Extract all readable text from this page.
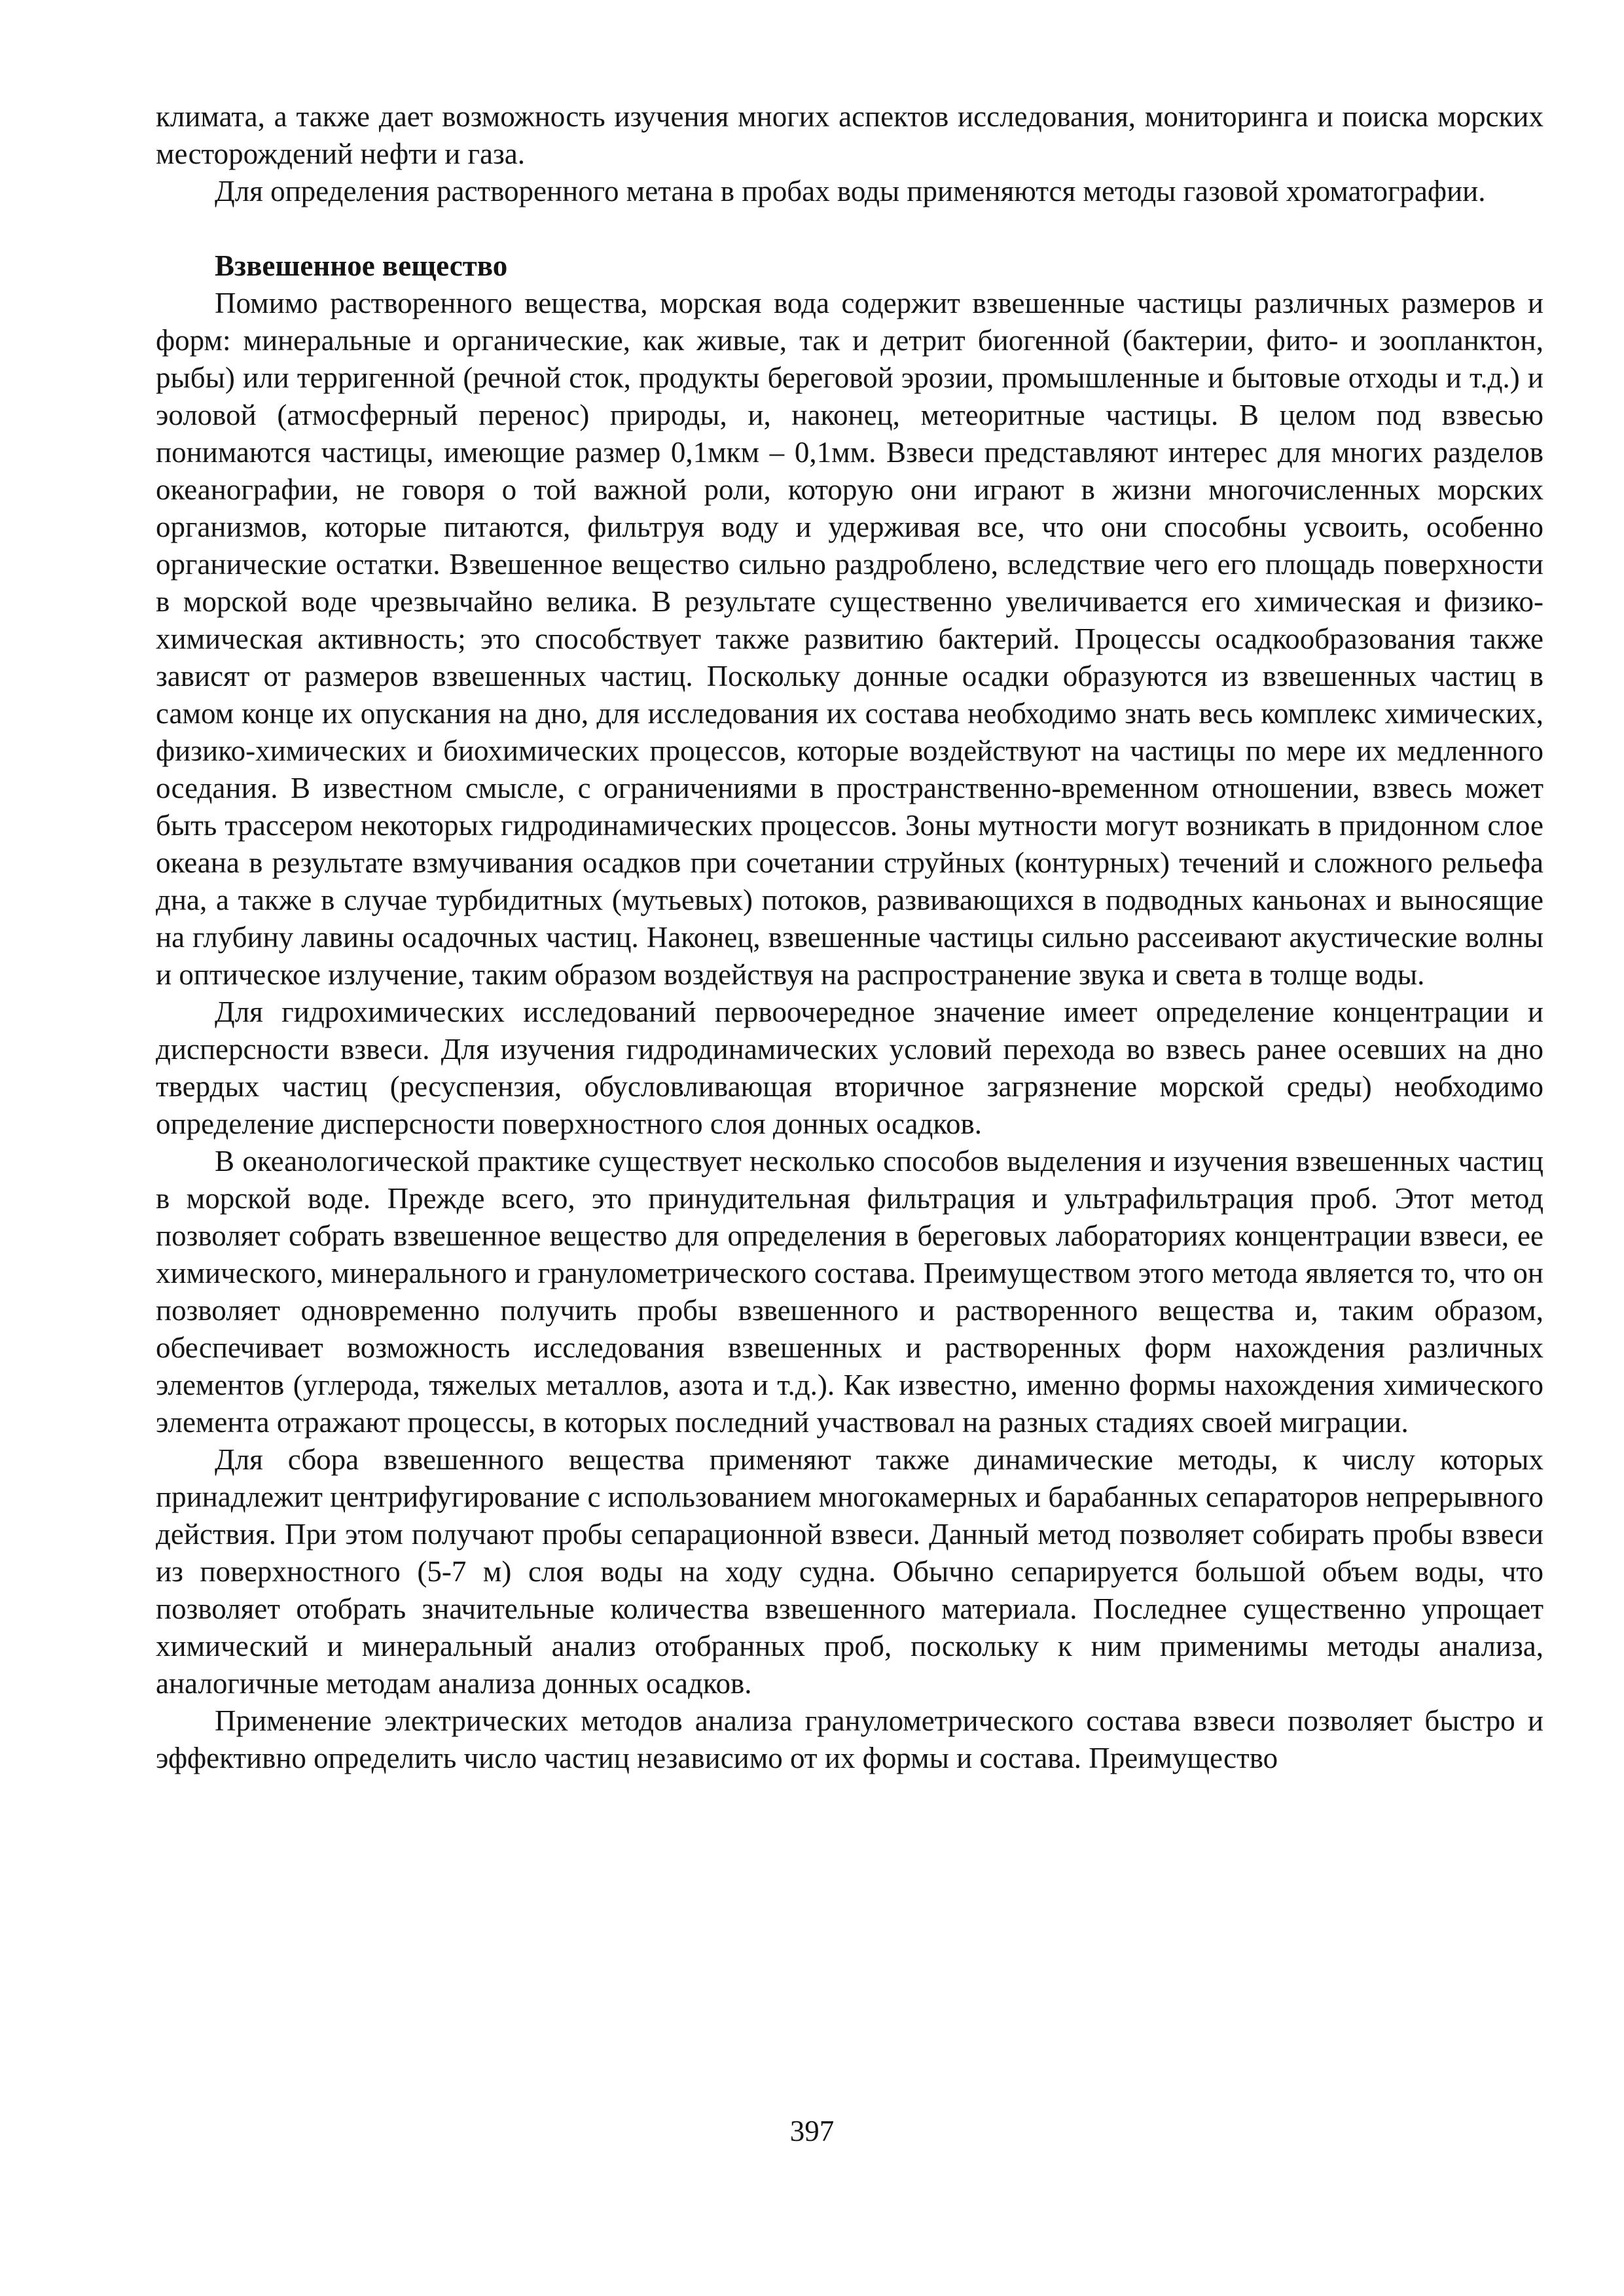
климата, а также дает возможность изучения многих аспектов исследования, мониторинга и поиска морских месторождений нефти и газа.

Для определения растворенного метана в пробах воды применяются методы газовой хроматографии.

Взвешенное вещество

Помимо растворенного вещества, морская вода содержит взвешенные частицы различных размеров и форм: минеральные и органические, как живые, так и детрит биогенной (бактерии, фито- и зоопланктон, рыбы) или терригенной (речной сток, продукты береговой эрозии, промышленные и бытовые отходы и т.д.) и эоловой (атмосферный перенос) природы, и, наконец, метеоритные частицы. В целом под взвесью понимаются частицы, имеющие размер 0,1мкм – 0,1мм. Взвеси представляют интерес для многих разделов океанографии, не говоря о той важной роли, которую они играют в жизни многочисленных морских организмов, которые питаются, фильтруя воду и удерживая все, что они способны усвоить, особенно органические остатки. Взвешенное вещество сильно раздроблено, вследствие чего его площадь поверхности в морской воде чрезвычайно велика. В результате существенно увеличивается его химическая и физико-химическая активность; это способствует также развитию бактерий. Процессы осадкообразования также зависят от размеров взвешенных частиц. Поскольку донные осадки образуются из взвешенных частиц в самом конце их опускания на дно, для исследования их состава необходимо знать весь комплекс химических, физико-химических и биохимических процессов, которые воздействуют на частицы по мере их медленного оседания. В известном смысле, с ограничениями в пространственно-временном отношении, взвесь может быть трассером некоторых гидродинамических процессов. Зоны мутности могут возникать в придонном слое океана в результате взмучивания осадков при сочетании струйных (контурных) течений и сложного рельефа дна, а также в случае турбидитных (мутьевых) потоков, развивающихся в подводных каньонах и выносящие на глубину лавины осадочных частиц. Наконец, взвешенные частицы сильно рассеивают акустические волны и оптическое излучение, таким образом воздействуя на распространение звука и света в толще воды.

Для гидрохимических исследований первоочередное значение имеет определение концентрации и дисперсности взвеси. Для изучения гидродинамических условий перехода во взвесь ранее осевших на дно твердых частиц (ресуспензия, обусловливающая вторичное загрязнение морской среды) необходимо определение дисперсности поверхностного слоя донных осадков.

В океанологической практике существует несколько способов выделения и изучения взвешенных частиц в морской воде. Прежде всего, это принудительная фильтрация и ультрафильтрация проб. Этот метод позволяет собрать взвешенное вещество для определения в береговых лабораториях концентрации взвеси, ее химического, минерального и гранулометрического состава. Преимуществом этого метода является то, что он позволяет одновременно получить пробы взвешенного и растворенного вещества и, таким образом, обеспечивает возможность исследования взвешенных и растворенных форм нахождения различных элементов (углерода, тяжелых металлов, азота и т.д.). Как известно, именно формы нахождения химического элемента отражают процессы, в которых последний участвовал на разных стадиях своей миграции.

Для сбора взвешенного вещества применяют также динамические методы, к числу которых принадлежит центрифугирование с использованием многокамерных и барабанных сепараторов непрерывного действия. При этом получают пробы сепарационной взвеси. Данный метод позволяет собирать пробы взвеси из поверхностного (5-7 м) слоя воды на ходу судна. Обычно сепарируется большой объем воды, что позволяет отобрать значительные количества взвешенного материала. Последнее существенно упрощает химический и минеральный анализ отобранных проб, поскольку к ним применимы методы анализа, аналогичные методам анализа донных осадков.

Применение электрических методов анализа гранулометрического состава взвеси позволяет быстро и эффективно определить число частиц независимо от их формы и состава. Преимущество

397
